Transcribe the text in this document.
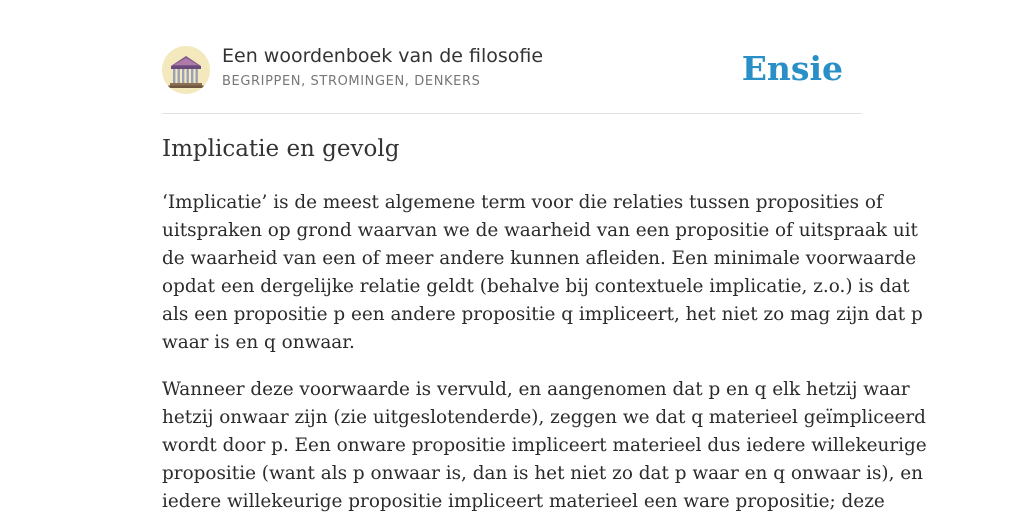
Een woordenboek van de filosofie
BEGRIPPEN, STROMINGEN, DENKERS	Ensie
Implicatie en gevolg

‘Implicatie’ is de meest algemene term voor die relaties tussen proposities of
uitspraken op grond waarvan we de waarheid van een propositie of uitspraak uit
de waarheid van een of meer andere kunnen afleiden. Een minimale voorwaarde
opdat een dergelijke relatie geldt (behalve bij contextuele implicatie, z.o.) is dat
als een propositie p een andere propositie q impliceert, het niet zo mag zijn dat p
waar is en q onwaar.

Wanneer deze voorwaarde is vervuld, en aangenomen dat p en q elk hetzij waar
hetzij onwaar zijn (zie uitgeslotenderde), zeggen we dat q materieel geïmpliceerd
wordt door p. Een onware propositie impliceert materieel dus iedere willekeurige
propositie (want als p onwaar is, dan is het niet zo dat p waar en q onwaar is), en
iedere willekeurige propositie impliceert materieel een ware propositie; deze
